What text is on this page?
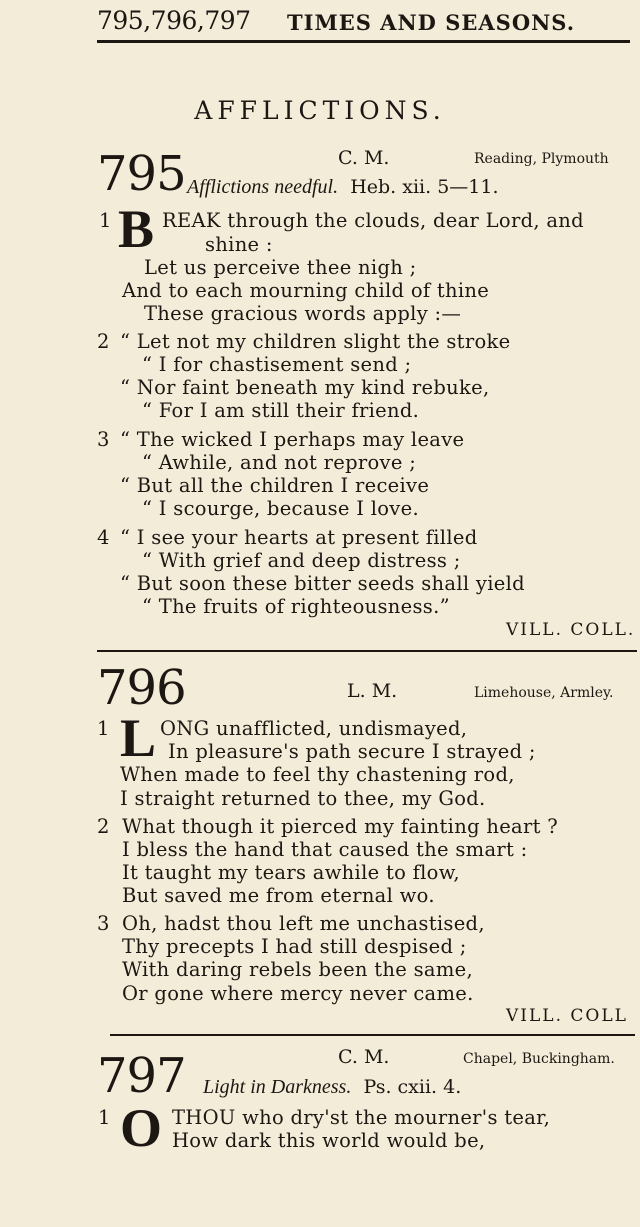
795,796,797 TIMES AND SEASONS.
AFFLICTIONS.
795	C. M.	Reading, Plymouth
Afflictions needful. Heb. xii. 5—11.
1 B REAK through the clouds, dear Lord, and
shine :
Let us perceive thee nigh ;
And to each mourning child of thine
These gracious words apply :—
2 “ Let not my children slight the stroke
“ I for chastisement send ;
“ Nor faint beneath my kind rebuke,
“ For I am still their friend.
3 “ The wicked I perhaps may leave
“ Awhile, and not reprove ;
“ But all the children I receive
“ I scourge, because I love.
4 “ I see your hearts at present filled
“ With grief and deep distress ;
“ But soon these bitter seeds shall yield
“ The fruits of righteousness.”
VILL. COLL.
796	L. M.	Limehouse, Armley.
1 L ONG unafflicted, undismayed,
In pleasure's path secure I strayed ;
When made to feel thy chastening rod,
I straight returned to thee, my God.
2 What though it pierced my fainting heart ?
I bless the hand that caused the smart :
It taught my tears awhile to flow,
But saved me from eternal wo.
3 Oh, hadst thou left me unchastised,
Thy precepts I had still despised ;
With daring rebels been the same,
Or gone where mercy never came.
VILL. COLL
797	C. M.	Chapel, Buckingham.
Light in Darkness. Ps. cxii. 4.
1 O THOU who dry'st the mourner's tear,
How dark this world would be,
